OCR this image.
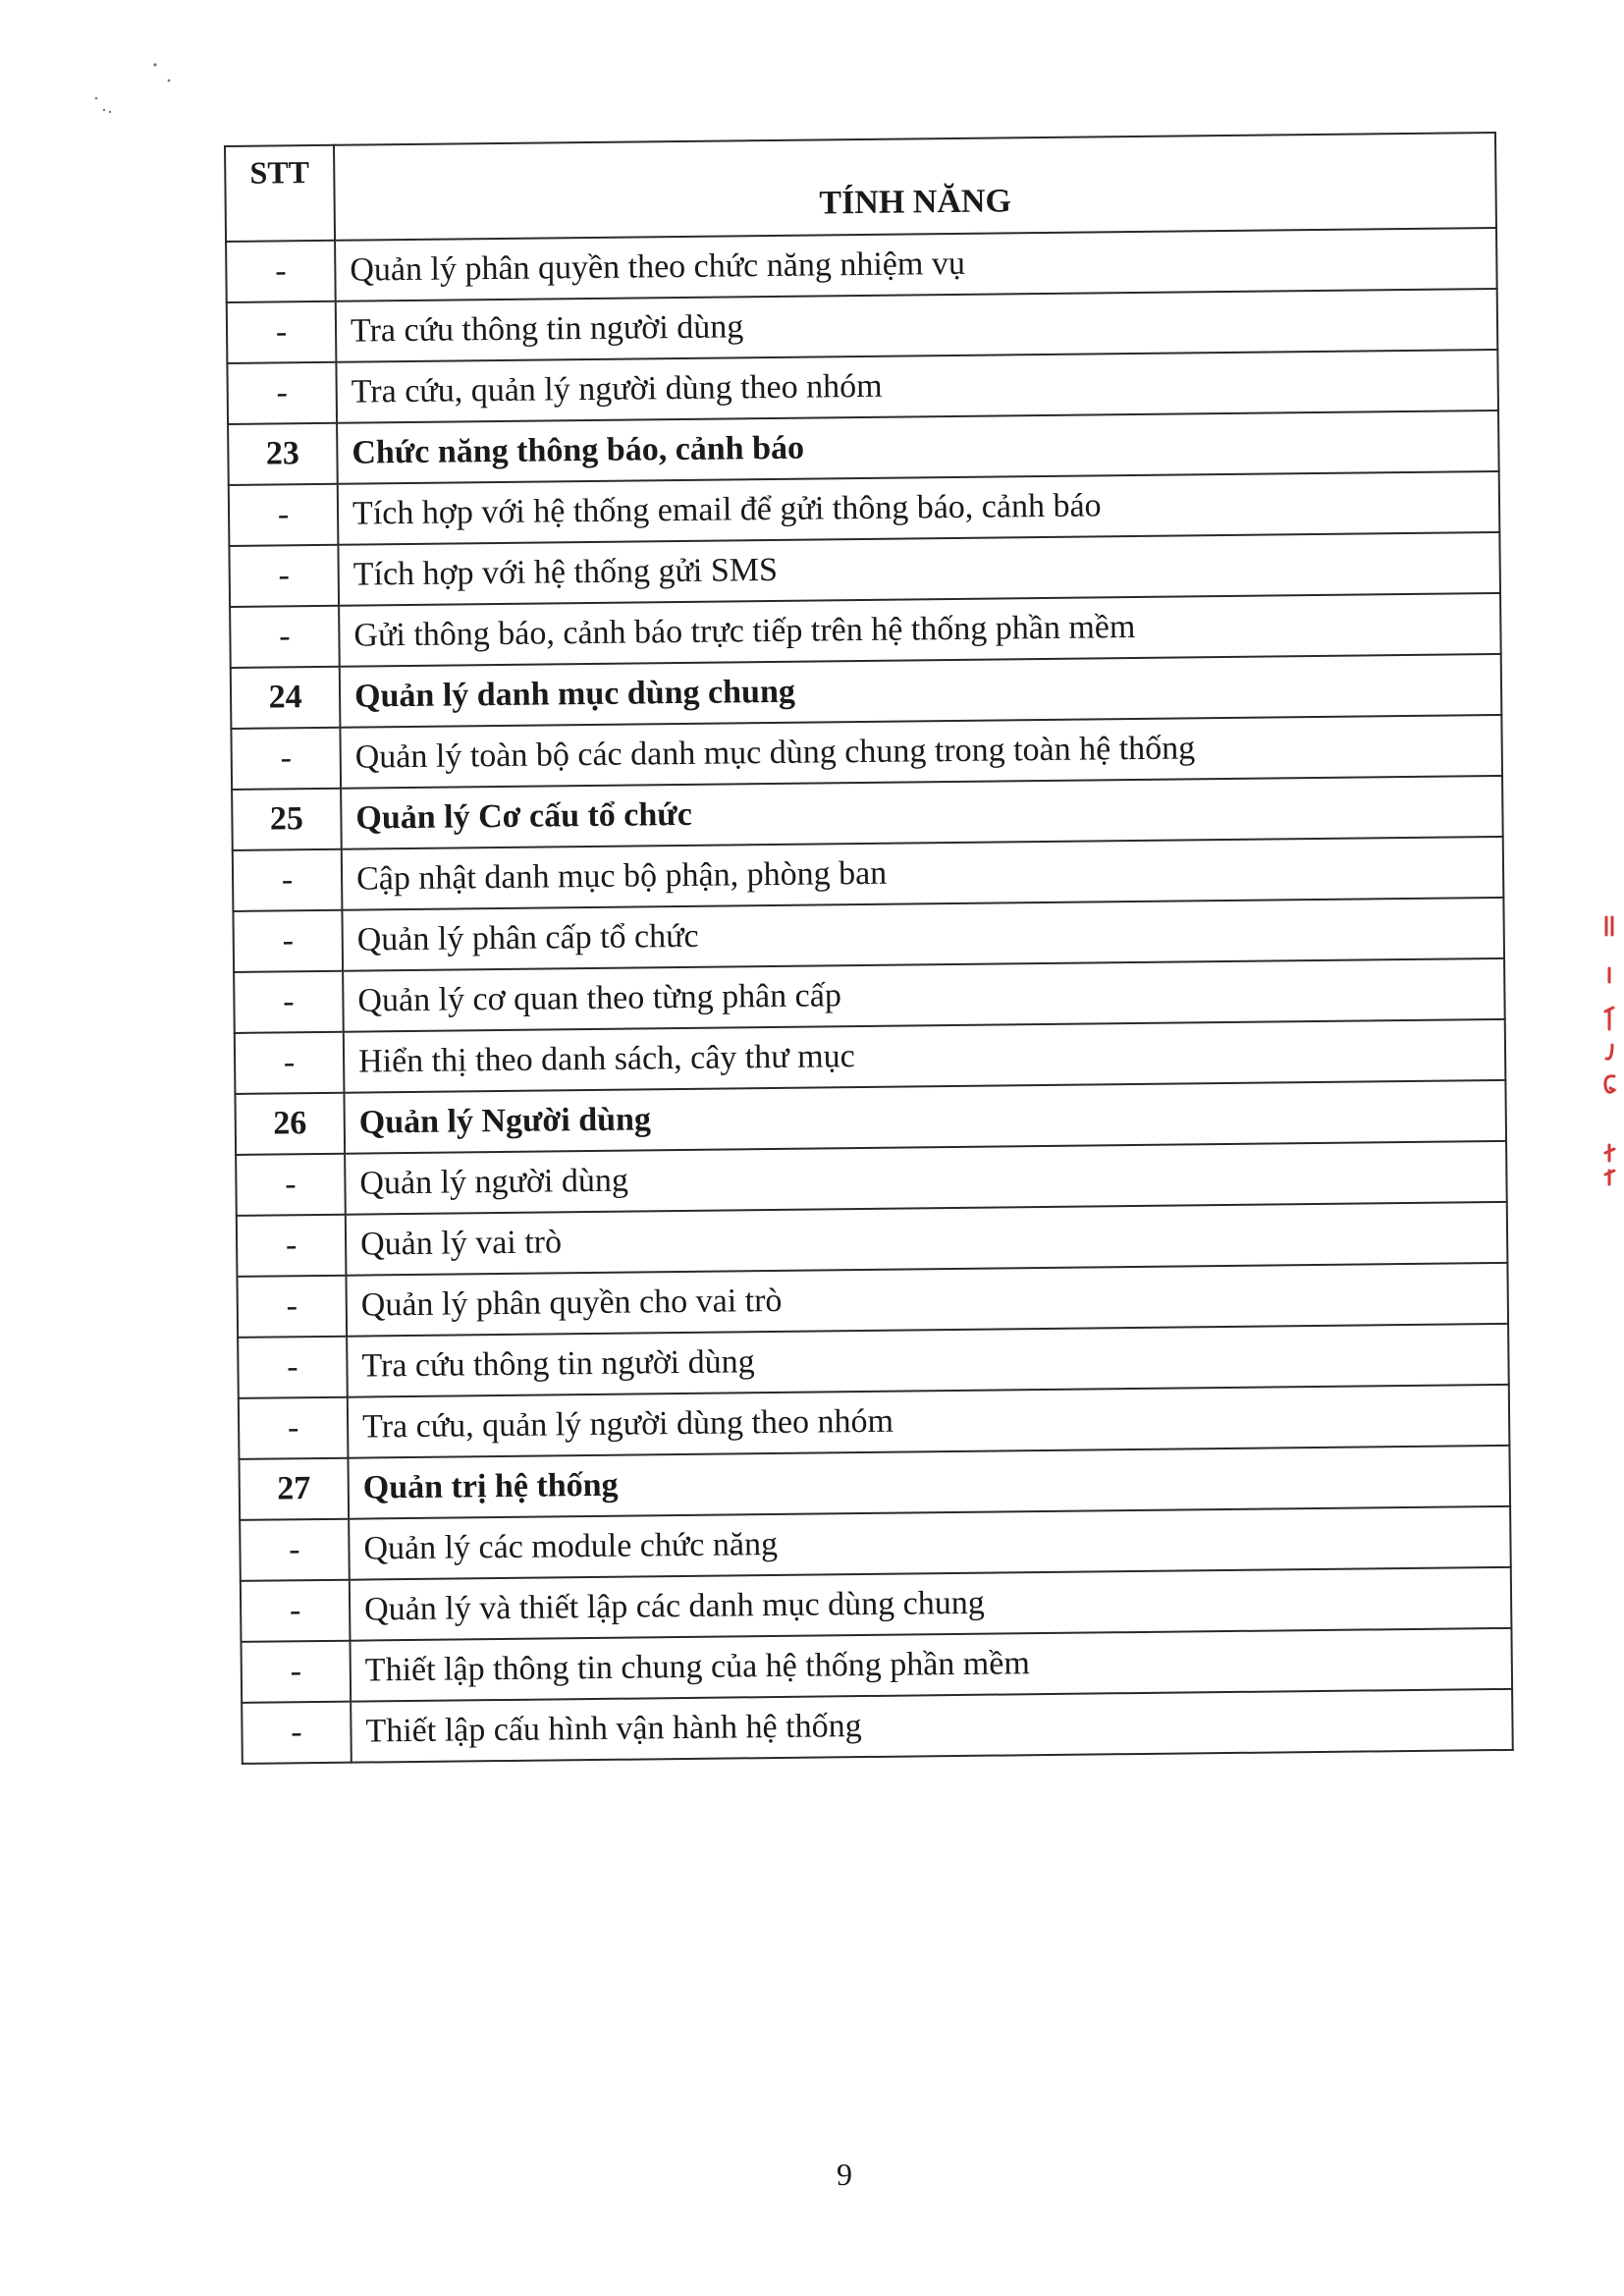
STT	TÍNH NĂNG
-	Quản lý phân quyền theo chức năng nhiệm vụ
-	Tra cứu thông tin người dùng
-	Tra cứu, quản lý người dùng theo nhóm
23	Chức năng thông báo, cảnh báo
-	Tích hợp với hệ thống email để gửi thông báo, cảnh báo
-	Tích hợp với hệ thống gửi SMS
-	Gửi thông báo, cảnh báo trực tiếp trên hệ thống phần mềm
24	Quản lý danh mục dùng chung
-	Quản lý toàn bộ các danh mục dùng chung trong toàn hệ thống
25	Quản lý Cơ cấu tổ chức
-	Cập nhật danh mục bộ phận, phòng ban
-	Quản lý phân cấp tổ chức
-	Quản lý cơ quan theo từng phân cấp
-	Hiển thị theo danh sách, cây thư mục
26	Quản lý Người dùng
-	Quản lý người dùng
-	Quản lý vai trò
-	Quản lý phân quyền cho vai trò
-	Tra cứu thông tin người dùng
-	Tra cứu, quản lý người dùng theo nhóm
27	Quản trị hệ thống
-	Quản lý các module chức năng
-	Quản lý và thiết lập các danh mục dùng chung
-	Thiết lập thông tin chung của hệ thống phần mềm
-	Thiết lập cấu hình vận hành hệ thống
9
